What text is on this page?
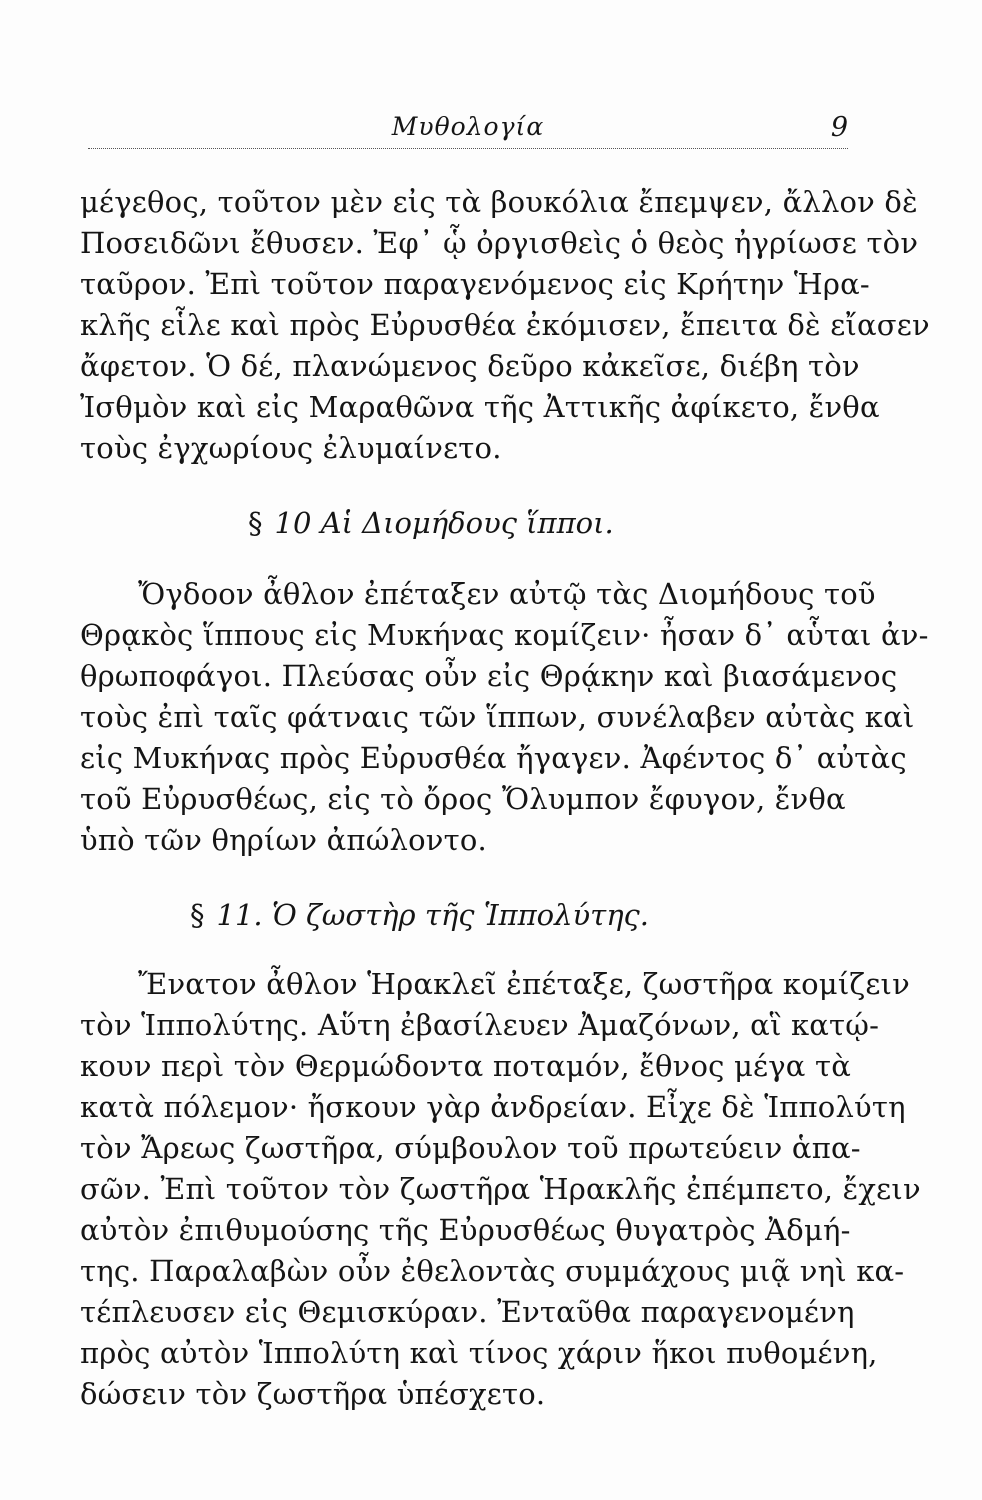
Μυθολογία	9
μέγεθος, τοῦτον μὲν εἰς τὰ βουκόλια ἔπεμψεν, ἄλλον δὲ
Ποσειδῶνι ἔθυσεν. Ἐφ᾽ ᾧ ὀργισθεὶς ὁ θεὸς ἠγρίωσε τὸν
ταῦρον. Ἐπὶ τοῦτον παραγενόμενος εἰς Κρήτην Ἡρα-
κλῆς εἷλε καὶ πρὸς Εὐρυσθέα ἐκόμισεν, ἔπειτα δὲ εἴασεν
ἄφετον. Ὁ δέ, πλανώμενος δεῦρο κἀκεῖσε, διέβη τὸν
Ἰσθμὸν καὶ εἰς Μαραθῶνα τῆς Ἀττικῆς ἀφίκετο, ἔνθα
τοὺς ἐγχωρίους ἐλυμαίνετο.
§ 10 Αἱ Διομήδους ἵπποι.
Ὄγδοον ἆθλον ἐπέταξεν αὐτῷ τὰς Διομήδους τοῦ
Θρᾳκὸς ἵππους εἰς Μυκήνας κομίζειν· ἦσαν δ᾽ αὗται ἀν-
θρωποφάγοι. Πλεύσας οὖν εἰς Θρᾴκην καὶ βιασάμενος
τοὺς ἐπὶ ταῖς φάτναις τῶν ἵππων, συνέλαβεν αὐτὰς καὶ
εἰς Μυκήνας πρὸς Εὐρυσθέα ἤγαγεν. Ἀφέντος δ᾽ αὐτὰς
τοῦ Εὐρυσθέως, εἰς τὸ ὄρος Ὄλυμπον ἔφυγον, ἔνθα
ὑπὸ τῶν θηρίων ἀπώλοντο.
§ 11. Ὁ ζωστὴρ τῆς Ἱππολύτης.
Ἔνατον ἆθλον Ἡρακλεῖ ἐπέταξε, ζωστῆρα κομίζειν
τὸν Ἱππολύτης. Αὕτη ἐβασίλευεν Ἀμαζόνων, αἳ κατῴ-
κουν περὶ τὸν Θερμώδοντα ποταμόν, ἔθνος μέγα τὰ
κατὰ πόλεμον· ἤσκουν γὰρ ἀνδρείαν. Εἶχε δὲ Ἱππολύτη
τὸν Ἄρεως ζωστῆρα, σύμβουλον τοῦ πρωτεύειν ἁπα-
σῶν. Ἐπὶ τοῦτον τὸν ζωστῆρα Ἡρακλῆς ἐπέμπετο, ἔχειν
αὐτὸν ἐπιθυμούσης τῆς Εὐρυσθέως θυγατρὸς Ἀδμή-
της. Παραλαβὼν οὖν ἐθελοντὰς συμμάχους μιᾷ νηὶ κα-
τέπλευσεν εἰς Θεμισκύραν. Ἐνταῦθα παραγενομένη
πρὸς αὐτὸν Ἱππολύτη καὶ τίνος χάριν ἥκοι πυθομένη,
δώσειν τὸν ζωστῆρα ὑπέσχετο.
